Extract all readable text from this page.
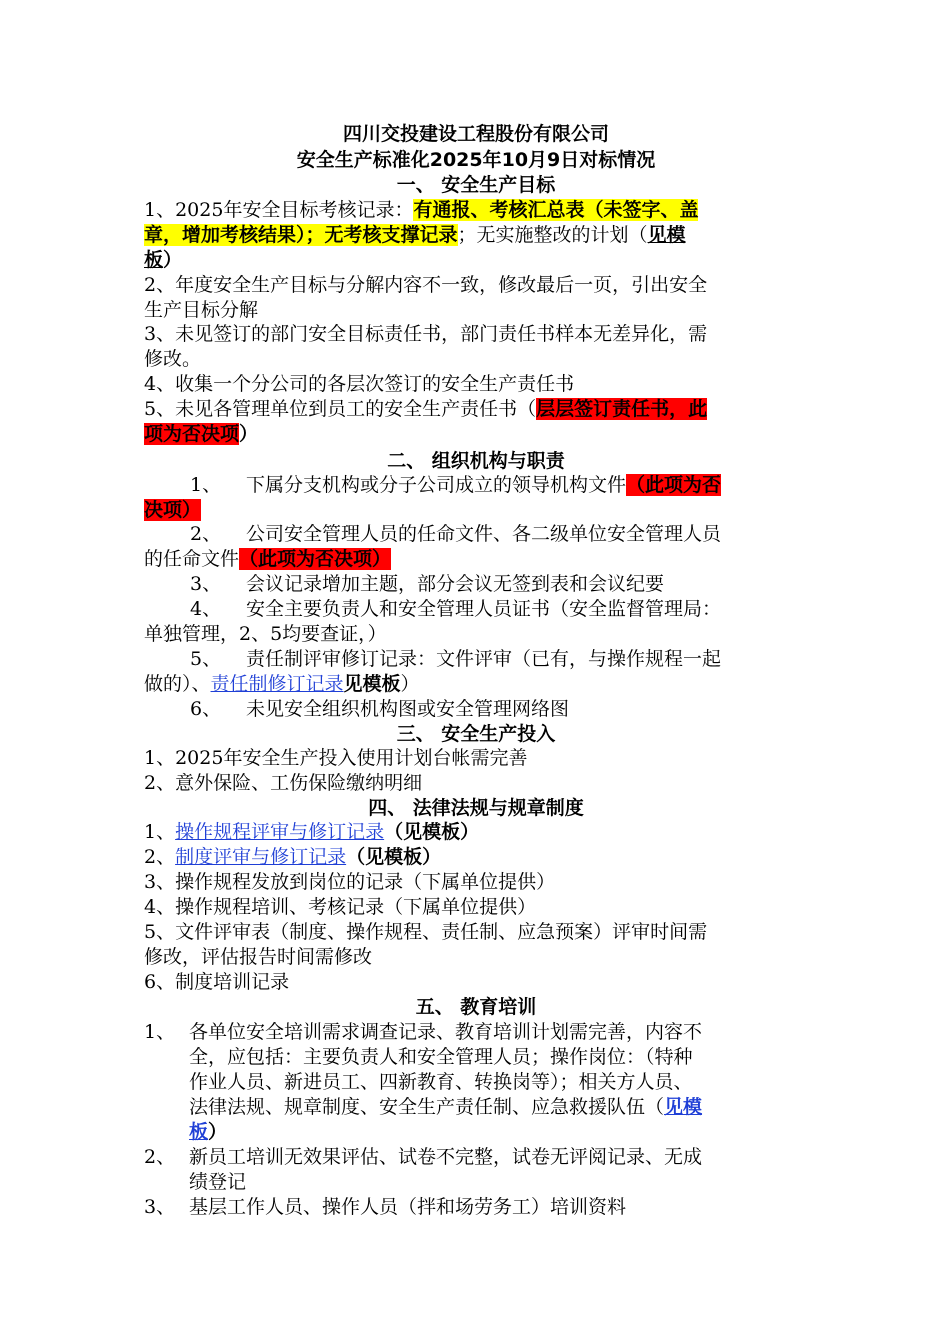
四川交投建设工程股份有限公司
安全生产标准化2025年10月9日对标情况
一、 安全生产目标
1、2025年安全目标考核记录：有通报、考核汇总表（未签字、盖
章，增加考核结果）；无考核支撑记录；无实施整改的计划（见模
板）
2、年度安全生产目标与分解内容不一致，修改最后一页，引出安全
生产目标分解
3、未见签订的部门安全目标责任书，部门责任书样本无差异化，需
修改。
4、收集一个分公司的各层次签订的安全生产责任书
5、未见各管理单位到员工的安全生产责任书（层层签订责任书，此
项为否决项）
二、 组织机构与职责
1、 下属分支机构或分子公司成立的领导机构文件（此项为否
决项）
2、 公司安全管理人员的任命文件、各二级单位安全管理人员
的任命文件（此项为否决项）
3、 会议记录增加主题，部分会议无签到表和会议纪要
4、 安全主要负责人和安全管理人员证书（安全监督管理局：
单独管理，2、5均要查证，）
5、 责任制评审修订记录：文件评审（已有，与操作规程一起
做的）、责任制修订记录见模板）
6、 未见安全组织机构图或安全管理网络图
三、 安全生产投入
1、2025年安全生产投入使用计划台帐需完善
2、意外保险、工伤保险缴纳明细
四、 法律法规与规章制度
1、操作规程评审与修订记录（见模板）
2、制度评审与修订记录（见模板）
3、操作规程发放到岗位的记录（下属单位提供）
4、操作规程培训、考核记录（下属单位提供）
5、文件评审表（制度、操作规程、责任制、应急预案）评审时间需
修改，评估报告时间需修改
6、制度培训记录
五、 教育培训
1、 各单位安全培训需求调查记录、教育培训计划需完善，内容不
全，应包括：主要负责人和安全管理人员；操作岗位：（特种
作业人员、新进员工、四新教育、转换岗等）；相关方人员、
法律法规、规章制度、安全生产责任制、应急救援队伍（见模
板）
2、 新员工培训无效果评估、试卷不完整，试卷无评阅记录、无成
绩登记
3、 基层工作人员、操作人员（拌和场劳务工）培训资料
